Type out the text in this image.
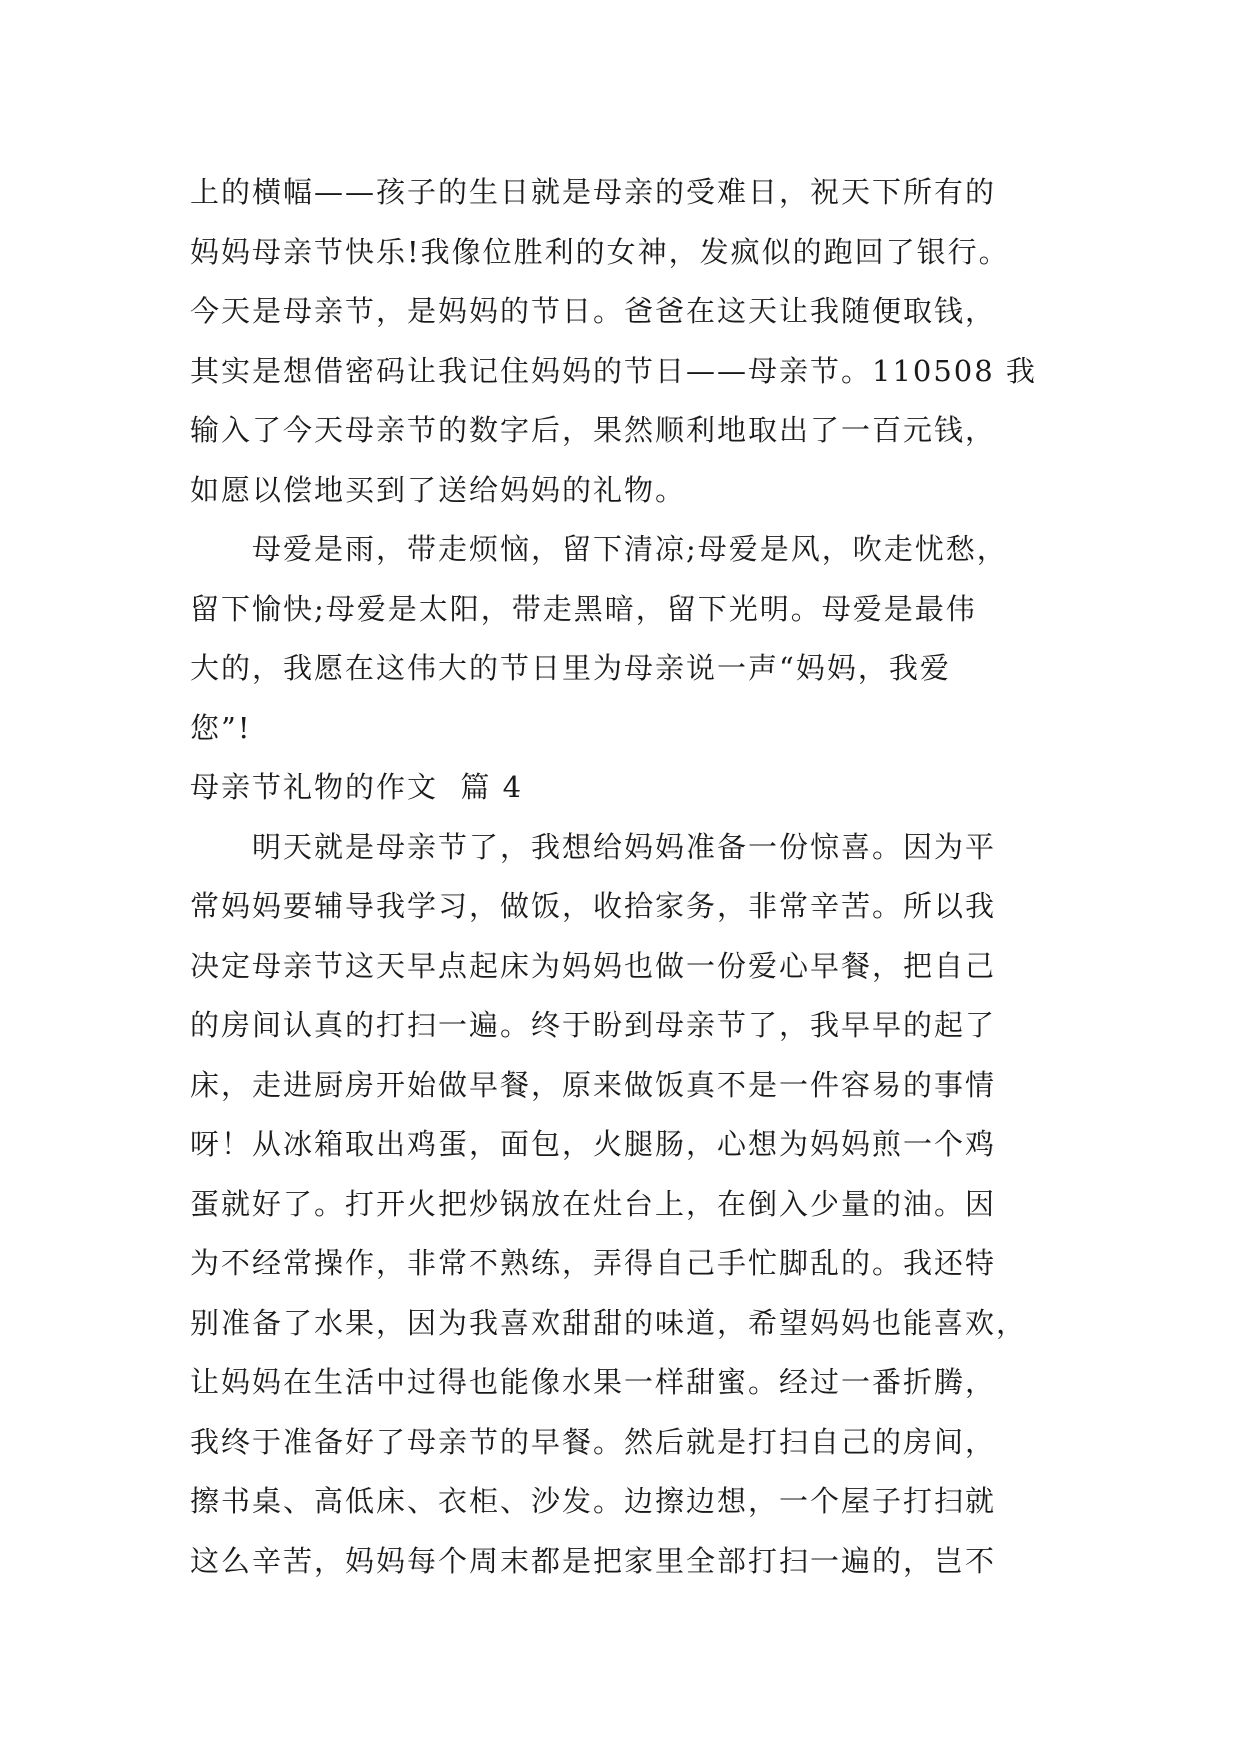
上的横幅——孩子的生日就是母亲的受难日，祝天下所有的
妈妈母亲节快乐!我像位胜利的女神，发疯似的跑回了银行。
今天是母亲节，是妈妈的节日。爸爸在这天让我随便取钱，
其实是想借密码让我记住妈妈的节日——母亲节。110508 我
输入了今天母亲节的数字后，果然顺利地取出了一百元钱，
如愿以偿地买到了送给妈妈的礼物。
　　母爱是雨，带走烦恼，留下清凉;母爱是风，吹走忧愁，
留下愉快;母爱是太阳，带走黑暗，留下光明。母爱是最伟
大的，我愿在这伟大的节日里为母亲说一声“妈妈，我爱
您”!
母亲节礼物的作文  篇 4
　　明天就是母亲节了，我想给妈妈准备一份惊喜。因为平
常妈妈要辅导我学习，做饭，收拾家务，非常辛苦。所以我
决定母亲节这天早点起床为妈妈也做一份爱心早餐，把自己
的房间认真的打扫一遍。终于盼到母亲节了，我早早的起了
床，走进厨房开始做早餐，原来做饭真不是一件容易的事情
呀！从冰箱取出鸡蛋，面包，火腿肠，心想为妈妈煎一个鸡
蛋就好了。打开火把炒锅放在灶台上，在倒入少量的油。因
为不经常操作，非常不熟练，弄得自己手忙脚乱的。我还特
别准备了水果，因为我喜欢甜甜的味道，希望妈妈也能喜欢，
让妈妈在生活中过得也能像水果一样甜蜜。经过一番折腾，
我终于准备好了母亲节的早餐。然后就是打扫自己的房间，
擦书桌、高低床、衣柜、沙发。边擦边想，一个屋子打扫就
这么辛苦，妈妈每个周末都是把家里全部打扫一遍的，岂不
